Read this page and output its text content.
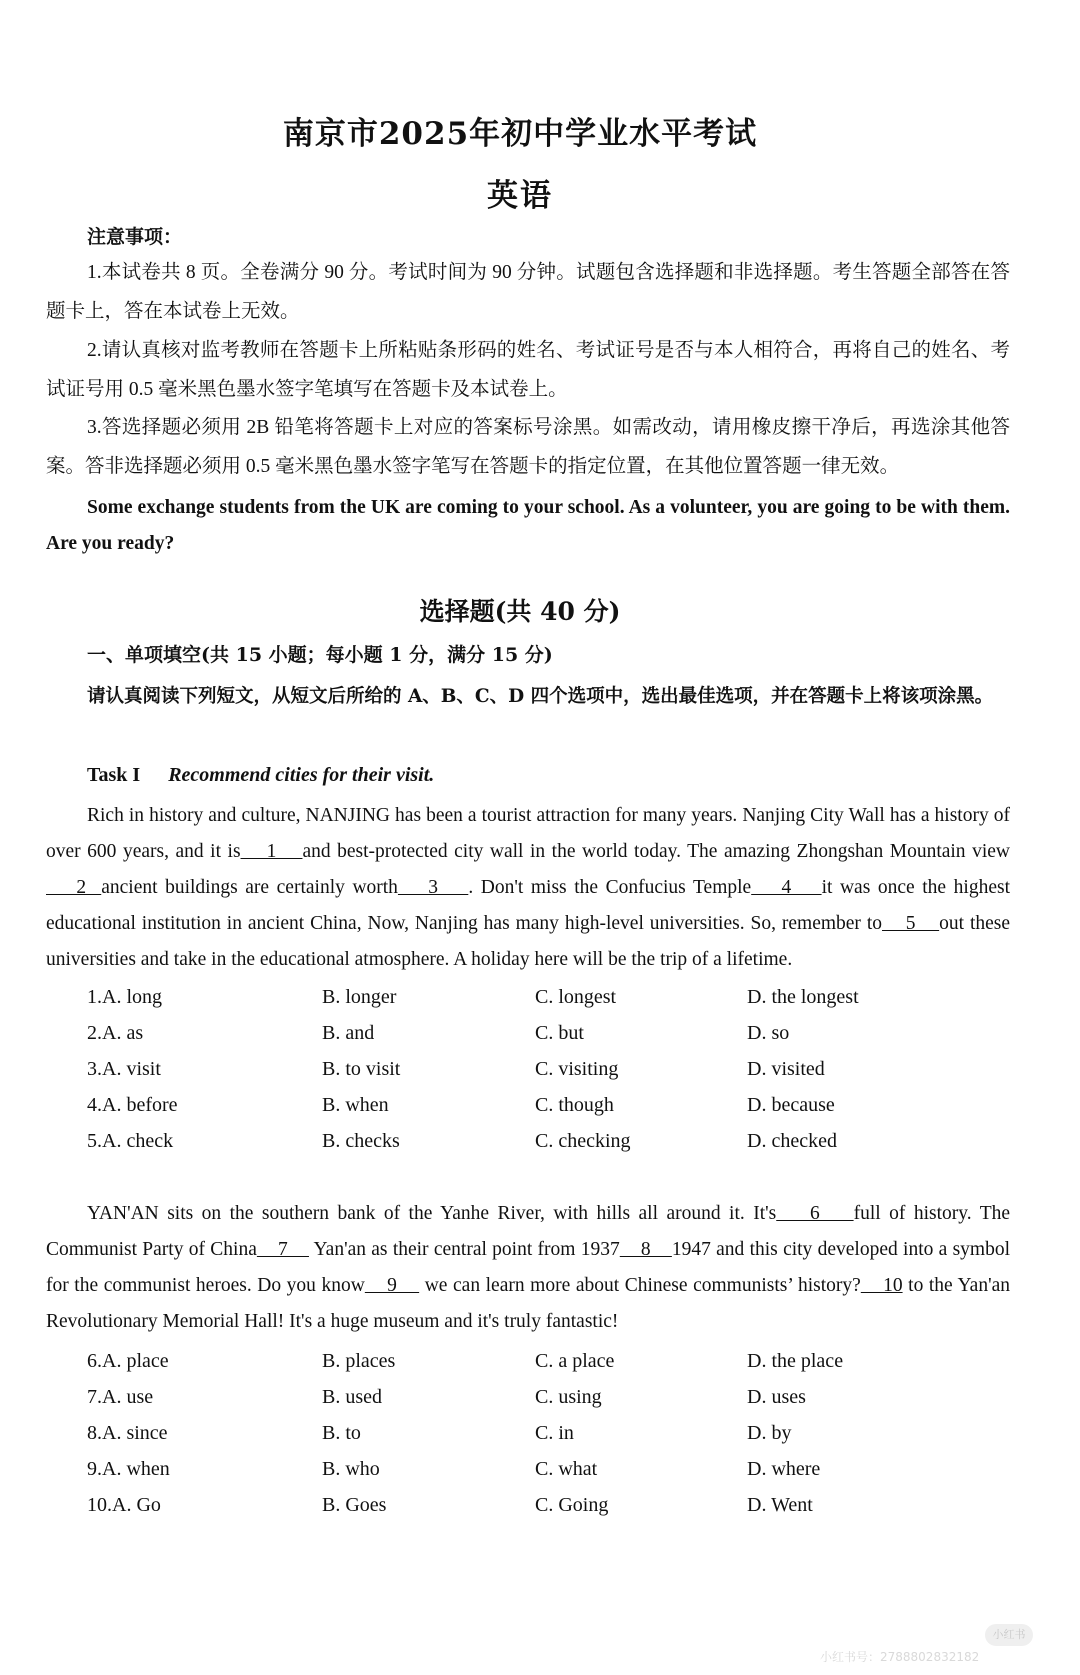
南京市2025年初中学业水平考试
英语
注意事项：
1.本试卷共 8 页。全卷满分 90 分。考试时间为 90 分钟。试题包含选择题和非选择题。考生答题全部答在答题卡上，答在本试卷上无效。
2.请认真核对监考教师在答题卡上所粘贴条形码的姓名、考试证号是否与本人相符合，再将自己的姓名、考试证号用 0.5 毫米黑色墨水签字笔填写在答题卡及本试卷上。
3.答选择题必须用 2B 铅笔将答题卡上对应的答案标号涂黑。如需改动，请用橡皮擦干净后，再选涂其他答案。答非选择题必须用 0.5 毫米黑色墨水签字笔写在答题卡的指定位置，在其他位置答题一律无效。
Some exchange students from the UK are coming to your school. As a volunteer, you are going to be with them. Are you ready?
选择题(共 40 分)
一、单项填空(共 15 小题；每小题 1 分，满分 15 分)
请认真阅读下列短文，从短文后所给的 A、B、C、D 四个选项中，选出最佳选项，并在答题卡上将该项涂黑。
Task I Recommend cities for their visit.
Rich in history and culture, NANJING has been a tourist attraction for many years. Nanjing City Wall has a history of over 600 years, and it is    1    and best-protected city wall in the world today. The amazing Zhongshan Mountain view    2  ancient buildings are certainly worth    3    . Don't miss the Confucius Temple    4    it was once the highest educational institution in ancient China, Now, Nanjing has many high-level universities. So, remember to    5    out these universities and take in the educational atmosphere. A holiday here will be the trip of a lifetime.
1.A. long	B. longer	C. longest	D. the longest
2.A. as	B. and	C. but	D. so
3.A. visit	B. to visit	C. visiting	D. visited
4.A. before	B. when	C. though	D. because
5.A. check	B. checks	C. checking	D. checked
YAN'AN sits on the southern bank of the Yanhe River, with hills all around it. It's    6    full of history. The Communist Party of China    7     Yan'an as their central point from 1937    8    1947 and this city developed into a symbol for the communist heroes. Do you know    9     we can learn more about Chinese communists’ history?    10 to the Yan'an Revolutionary Memorial Hall! It's a huge museum and it's truly fantastic!
6.A. place	B. places	C. a place	D. the place
7.A. use	B. used	C. using	D. uses
8.A. since	B. to	C. in	D. by
9.A. when	B. who	C. what	D. where
10.A. Go	B. Goes	C. Going	D. Went
小红书
小红书号：2788802832182
